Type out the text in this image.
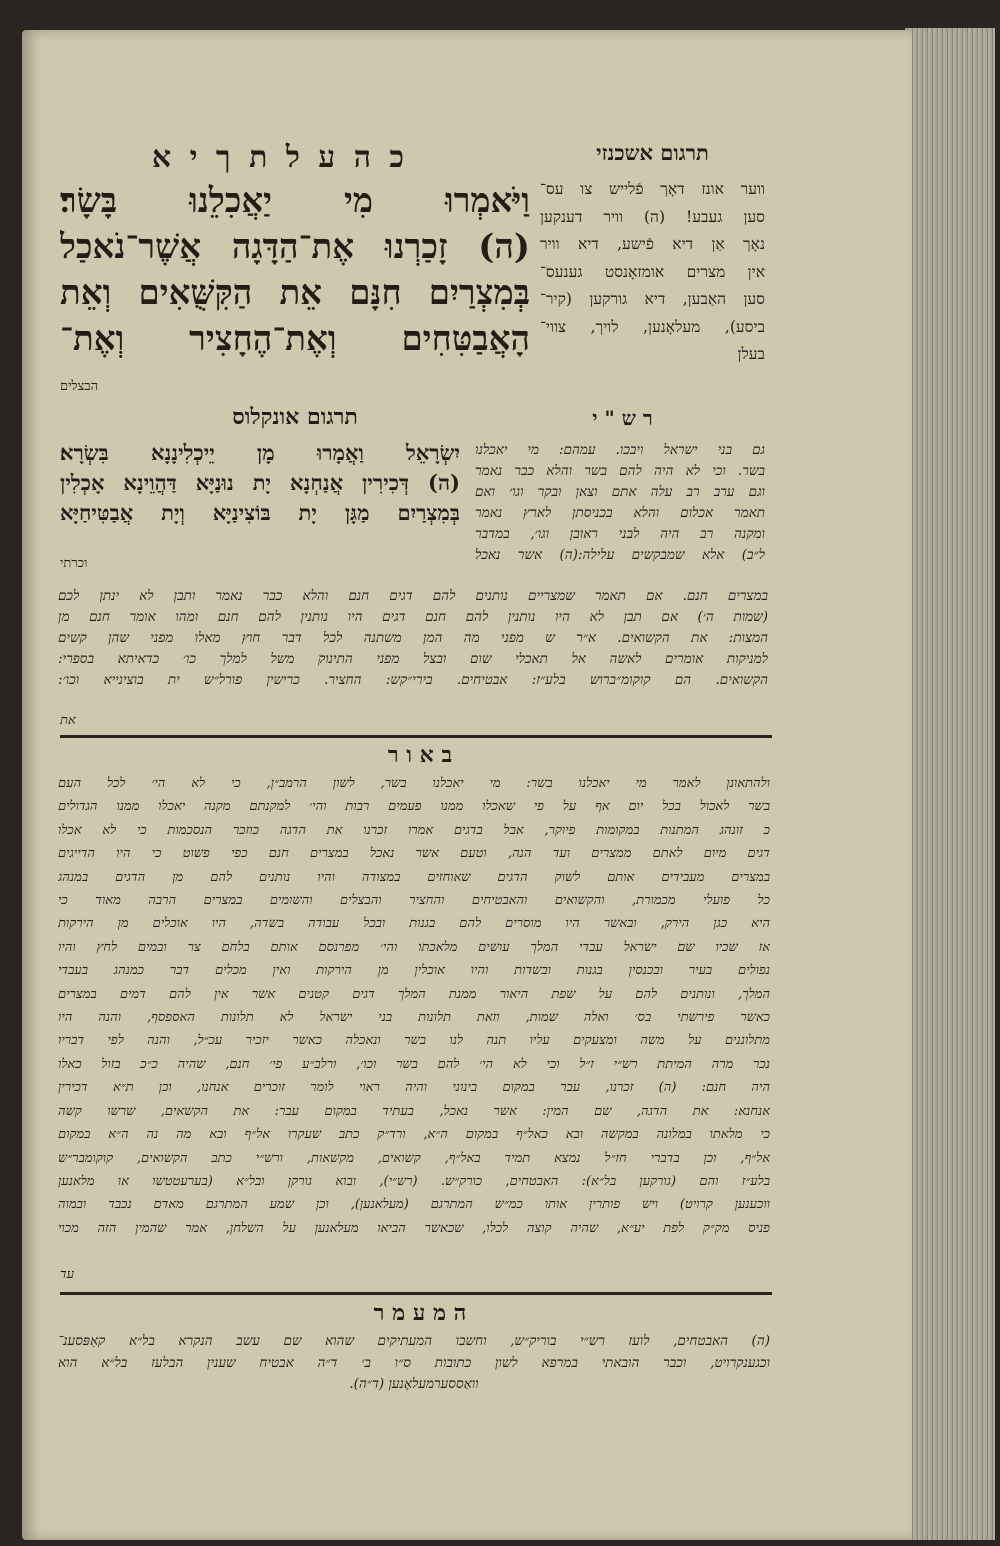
תרגום אשכנזי
ווער אונז דאָך פֿלייש צו עס־
סען געבע! (ה) וויר דענקען
נאָך אַן דיא פֿישע, דיא וויר
אין מצרים אומזאָנסט גענעס־
סען האַבען, דיא גורקען (קיר־
ביסע), מעלאָנען, לויך, צווי־
בעלן
כ ה ע ל ת ך י א
וַיֹּאמְרוּ מִי יַאֲכִלֵנוּ בָּשָׂר׃
(ה) זָכַרְנוּ אֶת־הַדָּגָה אֲשֶׁר־נֹאכַל
בְּמִצְרַיִם חִנָּם אֵת הַקִּשֻּׁאִים וְאֵת
הָאֲבַטִּחִים וְאֶת־הֶחָצִיר וְאֶת־
הבצלים
תרגום אונקלוס
יִשְׂרָאֵל וַאֲמָרוּ מָן יֵיכְלִינָנָא בִּשְׂרָא׃
(ה) דְּכִירִין אֲנַחְנָא יָת נוּנַיָּא דַּהֲוֵינָא אָכְלִין
בְּמִצְרַיִם מַגָּן יָת בּוֹצִינַיָּא וְיָת אֲבַטִּיחַיָּא
וכרתי
ר ש " י
גם בני ישראל ויבכו. עמהם: מי יאכלנו
בשר. וכי לא היה להם בשר והלא כבר נאמר
וגם ערב רב עלה אתם וצאן ובקר וגו׳ ואם
תאמר אכלום והלא בכניסתן לארץ נאמר
ומקנה רב היה לבני ראובן וגו׳, במדבר
ל״ב) אלא שמבקשים עלילה:(ה) אשר נאכל
במצרים חנם. אם תאמר שמצריים נותנים להם דגים חנם והלא כבר נאמר ותבן לא ינתן לכם
(שמות ה׳) אם תבן לא היו נותנין להם חנם דגים היו נותנין להם חנם ומהו אומר חנם מן
המצות: את הקשואים. א״ר ש מפני מה המן משתנה לכל דבר חוץ מאלו מפני שהן קשים
למניקות אומרים לאשה אל תאכלי שום ובצל מפני התינוק משל למלך כו׳ כדאיתא בספרי:
הקשואים. הם קוקומ״ברוש בלע״ז: אבטיחים. בירי״קש: החציר. כרישין פורל״ש ית בוצינייא וכו׳:
את
ב א ו ר
ולהתאונן לאמר מי יאכלנו בשר: מי יאכלנו בשר, לשון הרמב״ן, כי לא הי׳ לכל העם
בשר לאכול בכל יום אף על פי שאכלו ממנו פעמים רבות והי׳ למקנתם מקנה יאכלו ממנו הגדולים
כ זונהג המתנות במקומות פיוקר, אבל בדגים אמרו זכרנו את הדגה כוזכר הנסכמות כי לא אכלו
דגים מיום לאתם ממצרים ועד הנה, וטעם אשר נאכל במצרים חנם כפי פשוט כי היו הדייגים
במצרים מעבידים אותם לשוק הדגים שאוחזים במצודה והיו נותנים להם מן הדגים במנהג
כל פועלי מכמורת, והקשואים והאבטיחים והחציר והבצלים והשומים במצרים הרבה מאוד כי
היא כגן הירק, ובאשר היו מוסרים להם בגנות ובכל עבודה בשדה, היו אוכלים מן הירקות
אז שכיו שם ישראל עבדי המלך עושים מלאכתו והי׳ מפרנסם אותם בלחם צר ובמים לחץ והיו
נפולים בעיר ובכנסין בגנות ובשדות והיו אוכלין מן הירקות ואין מכלים דבר כמנהג בעבדי
המלך, ונותנים להם על שפת היאור ממנת המלך דגים קטנים אשר אין להם דמים במצרים
כאשר פירשתי בס׳ ואלה שמות, וזאת תלונות בני ישראל לא תלונות האספסף, והנה היו
מתלוננים על משה ומצעקים עליו תנה לנו בשר ונאכלה כאשר יזכיר עכ״ל, והנה לפי דבריו
נכר מרה המיתת רש״י ז״ל וכי לא הי׳ להם בשר וכו׳, ורלב״ע פי׳ חנם, שהיה כ״כ בזול כאלו
היה חנם: (ה) זכרנו, עבר במקום בינוני והיה ראוי לומר זוכרים אנחנו, וכן ת״א דכירין
אנחנא: את הדגה, שם המין: אשר נאכל, בעתיד במקום עבר: את הקשאים, שרשו קשה
כי מלאתו במלונה במקשה ובא כאל״ף במקום ה״א, ורד״ק כתב שעקרו אל״ף ובא מה נה ה״א במקום
אל״ף, וכן בדברי חז״ל נמצא תמיד באל״ף, קשואים, מקשאות, ורש״י כתב הקשואים, קוקומבר״ש
בלע״ז והם (גורקען בל״א): האבטחים, כורק״ש. (רש״י), ובוא גורקן ובל״א (בערעטטשו או מלאנען
ווכענען קרויט) ויש פותרין אותו כמ״ש המתרגם (מעלאנען), וכן שמע המתרגם מאדם נכבד ובמוה
פניס מק״ק לפת יע״א, שהיה קוצה לכלו, שכאשר הביאו מעלאנען על השלחן, אמר שהמין הזה מכוי
עד
ה מ ע מ ר
(ה) האבטחים, לועז רש״י בוריק״ש, וחשבו המעתיקים שהוא שם עשב הנקרא בל״א קאַפּסענ־
וכגענקרויט, וכבר הובאתי במרפא לשון כתובות ס״ו ב׳ ד״ה אבטיח שענין הבלעז בל״א הוא
וואַססערמעלאָנען (ד״ה).
